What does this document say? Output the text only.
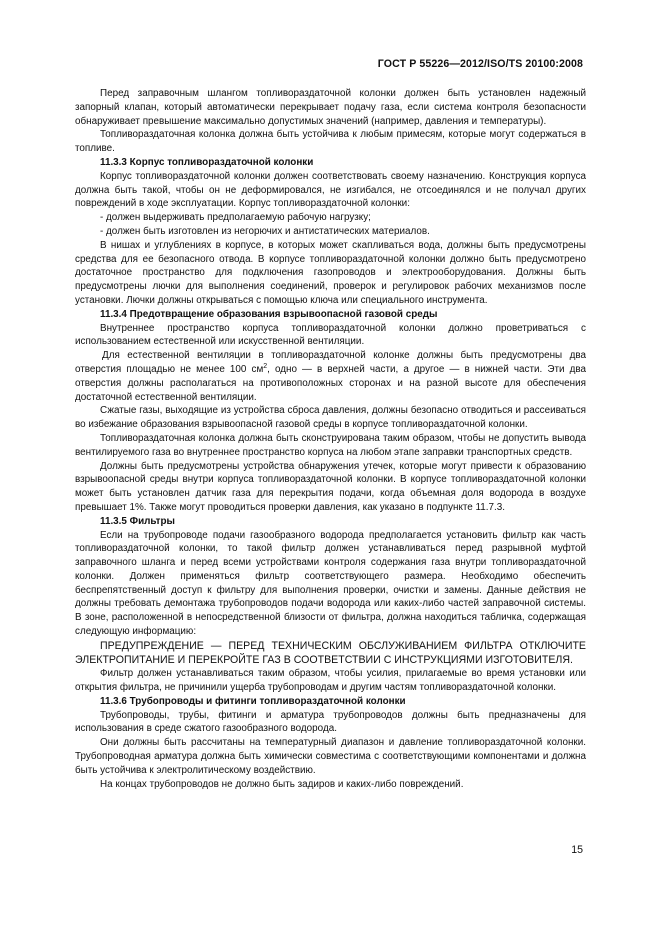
ГОСТ Р 55226—2012/ISO/TS 20100:2008

Перед заправочным шлангом топливораздаточной колонки должен быть установлен надежный запорный клапан, который автоматически перекрывает подачу газа, если система контроля безопасности обнаруживает превышение максимально допустимых значений (например, давления и температуры).

Топливораздаточная колонка должна быть устойчива к любым примесям, которые могут содержаться в топливе.

11.3.3 Корпус топливораздаточной колонки

Корпус топливораздаточной колонки должен соответствовать своему назначению. Конструкция корпуса должна быть такой, чтобы он не деформировался, не изгибался, не отсоединялся и не получал других повреждений в ходе эксплуатации. Корпус топливораздаточной колонки:

- должен выдерживать предполагаемую рабочую нагрузку;

- должен быть изготовлен из негорючих и антистатических материалов.

В нишах и углублениях в корпусе, в которых может скапливаться вода, должны быть предусмотрены средства для ее безопасного отвода. В корпусе топливораздаточной колонки должно быть предусмотрено достаточное пространство для подключения газопроводов и электрооборудования. Должны быть предусмотрены лючки для выполнения соединений, проверок и регулировок рабочих механизмов после установки. Лючки должны открываться с помощью ключа или специального инструмента.

11.3.4 Предотвращение образования взрывоопасной газовой среды

Внутреннее пространство корпуса топливораздаточной колонки должно проветриваться с использованием естественной или искусственной вентиляции.

Для естественной вентиляции в топливораздаточной колонке должны быть предусмотрены два отверстия площадью не менее 100 $см^2$, одно — в верхней части, а другое — в нижней части. Эти два отверстия должны располагаться на противоположных сторонах и на разной высоте для обеспечения достаточной естественной вентиляции.

Сжатые газы, выходящие из устройства сброса давления, должны безопасно отводиться и рассеиваться во избежание образования взрывоопасной газовой среды в корпусе топливораздаточной колонки.

Топливораздаточная колонка должна быть сконструирована таким образом, чтобы не допустить вывода вентилируемого газа во внутреннее пространство корпуса на любом этапе заправки транспортных средств.

Должны быть предусмотрены устройства обнаружения утечек, которые могут привести к образованию взрывоопасной среды внутри корпуса топливораздаточной колонки. В корпусе топливораздаточной колонки может быть установлен датчик газа для перекрытия подачи, когда объемная доля водорода в воздухе превышает 1%. Также могут проводиться проверки давления, как указано в подпункте 11.7.3.

11.3.5 Фильтры

Если на трубопроводе подачи газообразного водорода предполагается установить фильтр как часть топливораздаточной колонки, то такой фильтр должен устанавливаться перед разрывной муфтой заправочного шланга и перед всеми устройствами контроля содержания газа внутри топливораздаточной колонки. Должен применяться фильтр соответствующего размера. Необходимо обеспечить беспрепятственный доступ к фильтру для выполнения проверки, очистки и замены. Данные действия не должны требовать демонтажа трубопроводов подачи водорода или каких-либо частей заправочной системы. В зоне, расположенной в непосредственной близости от фильтра, должна находиться табличка, содержащая следующую информацию:

ПРЕДУПРЕЖДЕНИЕ — ПЕРЕД ТЕХНИЧЕСКИМ ОБСЛУЖИВАНИЕМ ФИЛЬТРА ОТКЛЮЧИТЕ ЭЛЕКТРОПИТАНИЕ И ПЕРЕКРОЙТЕ ГАЗ В СООТВЕТСТВИИ С ИНСТРУКЦИЯМИ ИЗГОТОВИТЕЛЯ.

Фильтр должен устанавливаться таким образом, чтобы усилия, прилагаемые во время установки или открытия фильтра, не причинили ущерба трубопроводам и другим частям топливораздаточной колонки.

11.3.6 Трубопроводы и фитинги топливораздаточной колонки

Трубопроводы, трубы, фитинги и арматура трубопроводов должны быть предназначены для использования в среде сжатого газообразного водорода.

Они должны быть рассчитаны на температурный диапазон и давление топливораздаточной колонки. Трубопроводная арматура должна быть химически совместима с соответствующими компонентами и должна быть устойчива к электролитическому воздействию.

На концах трубопроводов не должно быть задиров и каких-либо повреждений.

15
